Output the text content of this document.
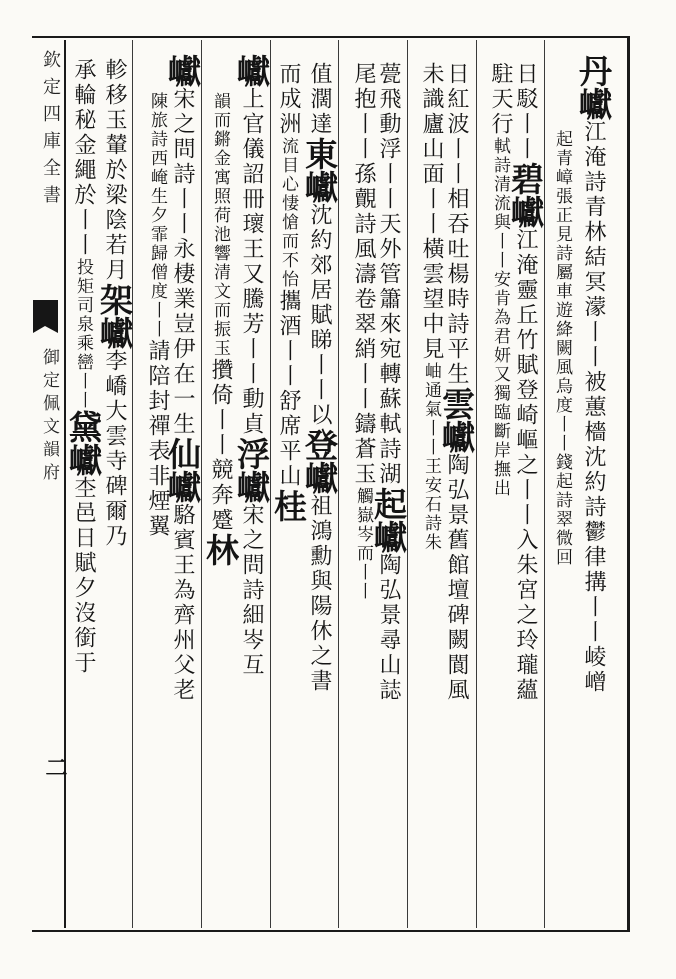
欽定四庫全書
御定佩文韻府
二
丹巘江淹詩青林結冥濛丨丨被蕙檣沈約詩鬱律搆丨丨崚嶒
起青嶂張正見詩屬車遊絳闕風烏度丨丨錢起詩翠微回
日駁丨丨碧巘江淹靈丘竹賦登崎嶇之丨丨入朱宮之玲瓏蘊
駐天行軾詩清流與丨丨安肯為君妍又獨臨斷岸撫出
日紅波丨丨相吞吐楊時詩平生雲巘陶弘景舊館壇碑闕閬風
未識廬山面丨丨橫雲望中見岫通氣丨丨王安石詩朱
甍飛動浮丨丨天外管簫來宛轉蘇軾詩湖起巘陶弘景尋山誌
尾抱丨丨孫覿詩風濤卷翠綃丨丨鑄蒼玉觸嶽岑而丨丨
值濶達東巘沈約郊居賦睇丨丨以登巘祖鴻勳與陽休之書
而成洲流目心悽愴而不怡攜酒丨丨舒席平山桂
巘上官儀詔冊瓌王又騰芳丨丨動貞浮巘宋之問詩細岑互
韻而鏘金寓照荷池響清文而振玉攢倚丨丨競奔蹙林
巘宋之問詩丨丨永棲業豈伊在一生仙巘駱賓王為齊州父老
陳旅詩西崦生夕霏歸僧度丨丨請陪封禪表非煙翼
軫移玉輦於梁陰若月架巘李嶠大雲寺碑爾乃
承輪秘金繩於丨丨投矩司泉乘巒丨丨黛巘杢邑日賦夕沒銜于
